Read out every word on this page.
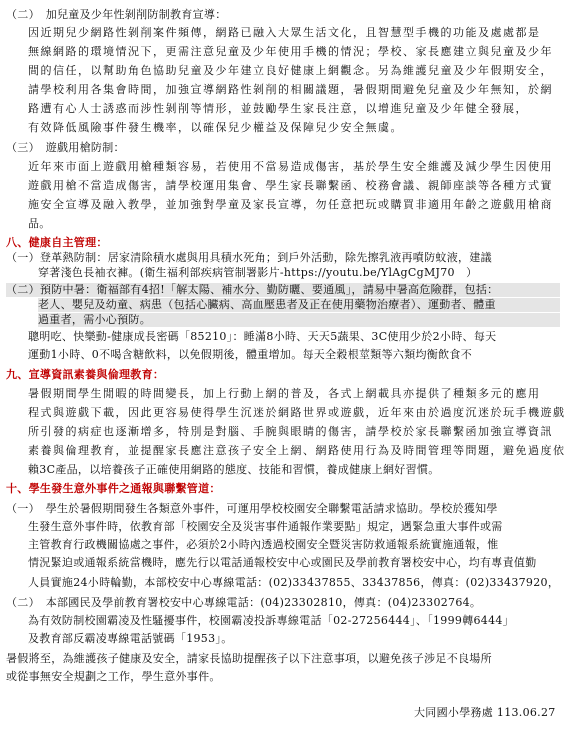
（二）　加兒童及少年性剝削防制教育宣導：
因近期兒少網路性剝削案件頻傳，網路已融入大眾生活文化，且智慧型手機的功能及處處都是
無線網路的環境情況下，更需注意兒童及少年使用手機的情況；學校、家長應建立與兒童及少年
間的信任，以幫助角色協助兒童及少年建立良好健康上網觀念。另為維護兒童及少年假期安全，
請學校利用各集會時間，加強宣導網路性剝削的相關議題，暑假期間避免兒童及少年無知，於網
路遭有心人士誘惑而涉性剝削等情形，並鼓勵學生家長注意，以增進兒童及少年健全發展，
有效降低風險事件發生機率，以確保兒少權益及保障兒少安全無虞。
（三）　遊戲用槍防制：
近年來市面上遊戲用槍種類容易，若使用不當易造成傷害，基於學生安全維護及減少學生因使用
遊戲用槍不當造成傷害，請學校運用集會、學生家長聯繫函、校務會議、親師座談等各種方式實
施安全宣導及融入教學，並加強對學童及家長宣導，勿任意把玩或購買非適用年齡之遊戲用槍商
品。
八、健康自主管理：
（一）登革熱防制：居家清除積水處與用具積水死角；到戶外活動，除先擦乳液再噴防蚊液，建議
穿著淺色長袖衣褲。(衛生福利部疾病管制署影片-https://youtu.be/YlAgCgMJ70　）
（二）預防中暑：衛福部有4招!「解太陽、補水分、勤防曬、要通風」，請易中暑高危險群，包括：
老人、嬰兒及幼童、病患（包括心臟病、高血壓患者及正在使用藥物治療者）、運動者、體重
過重者，需小心預防。
聰明吃、快樂動-健康成長密碼「85210」：睡滿8小時、天天5蔬果、3C使用少於2小時、每天
運動1小時、0不喝含糖飲料，以免假期後，體重增加。每天全穀根莖類等六類均衡飲食不
九、宣導資訊素養與倫理教育：
暑假期間學生閒暇的時間變長，加上行動上網的普及，各式上網載具亦提供了種類多元的應用
程式與遊戲下載，因此更容易使得學生沉迷於網路世界或遊戲，近年來由於過度沉迷於玩手機遊戲
所引發的病症也逐漸增多，特別是對腦、手腕與眼睛的傷害，請學校於家長聯繫函加強宣導資訊
素養與倫理教育，並提醒家長應注意孩子安全上網、網路使用行為及時間管理等問題，避免過度依
賴3C產品，以培養孩子正確使用網路的態度、技能和習慣，養成健康上網好習慣。
十、學生發生意外事件之通報與聯繫管道：
（一）　學生於暑假期間發生各類意外事件，可運用學校校園安全聯繫電話請求協助。學校於獲知學
生發生意外事件時，依教育部「校園安全及災害事件通報作業要點」規定，遇緊急重大事件或需
主管教育行政機關協處之事件，必須於2小時內透過校園安全暨災害防救通報系統實施通報，惟
情況緊迫或通報系統當機時，應先行以電話通報校安中心或園民及學前教育署校安中心，均有專責值勤
人員實施24小時輪勤，本部校安中心專線電話：(02)33437855、33437856，傳真：(02)33437920，
（二）　本部國民及學前教育署校安中心專線電話：(04)23302810，傳真：(04)23302764。
為有效防制校園霸凌及性騷擾事件，校園霸凌投訴專線電話「02-27256444」、「1999轉6444」
及教育部反霸凌專線電話號碼「1953」。
暑假將至，為維護孩子健康及安全，請家長協助提醒孩子以下注意事項，以避免孩子涉足不良場所
或從事無安全規劃之工作，學生意外事件。
大同國小學務處 113.06.27
